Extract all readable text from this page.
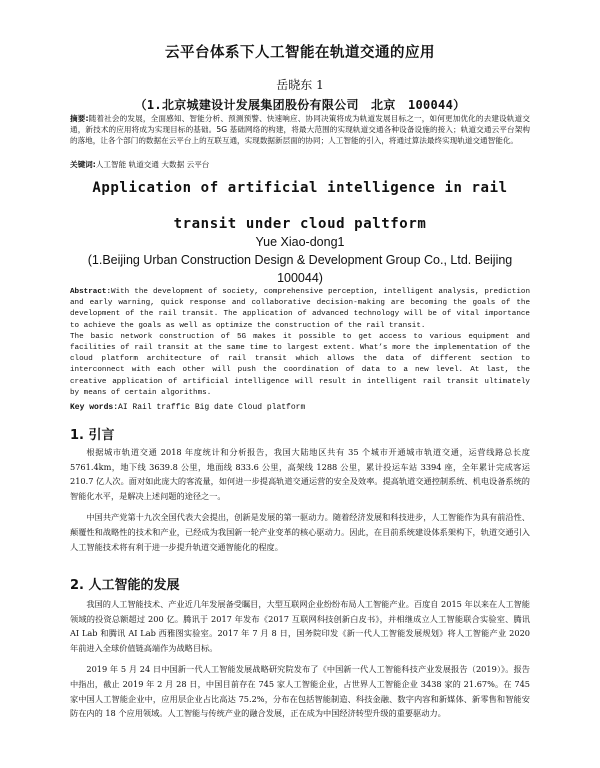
云平台体系下人工智能在轨道交通的应用
岳晓东 1
（1.北京城建设计发展集团股份有限公司　北京　100044）
摘要:随着社会的发展，全面感知、智能分析、预测预警、快速响应、协同决策将成为轨道发展目标之一，如何更加优化的去建设轨道交通，新技术的应用将成为实现目标的基础。5G 基础网络的构建，将最大范围的实现轨道交通各种设备设施的接入；轨道交通云平台架构的落地，让各个部门的数据在云平台上的互联互通，实现数据新层面的协同；人工智能的引入，将通过算法最终实现轨道交通智能化。
关键词:人工智能 轨道交通 大数据 云平台
Application of artificial intelligence in rail transit under cloud paltform
Yue Xiao-dong1
(1.Beijing Urban Construction Design & Development Group Co., Ltd. Beijing 100044)

Abstract:With the development of society, comprehensive perception, intelligent analysis, prediction and early warning, quick response and collaborative decision-making are becoming the goals of the development of the rail transit. The application of advanced technology will be of vital importance to achieve the goals as well as optimize the construction of the rail transit.

The basic network construction of 5G makes it possible to get access to various equipment and facilities of rail transit at the same time to largest extent. What’s more the implementation of the cloud platform architecture of rail transit which allows the data of different section to interconnect with each other will push the coordination of data to a new level. At last, the creative application of artificial intelligence will result in intelligent rail transit ultimately by means of certain algorithms.

Key words:AI Rail traffic Big date Cloud platform
1. 引言

根据城市轨道交通 2018 年度统计和分析报告，我国大陆地区共有 35 个城市开通城市轨道交通，运营线路总长度 5761.4km，地下线 3639.8 公里，地面线 833.6 公里，高架线 1288 公里，累计投运车站 3394 座，全年累计完成客运 210.7 亿人次。面对如此庞大的客流量，如何进一步提高轨道交通运营的安全及效率。提高轨道交通控制系统、机电设备系统的智能化水平，是解决上述问题的途径之一。

中国共产党第十九次全国代表大会提出，创新是发展的第一驱动力。随着经济发展和科技进步，人工智能作为具有前沿性、颠覆性和战略性的技术和产业，已经成为我国新一轮产业变革的核心驱动力。因此，在目前系统建设体系架构下，轨道交通引入人工智能技术将有利于进一步提升轨道交通智能化的程度。

2. 人工智能的发展

我国的人工智能技术、产业近几年发展备受瞩目，大型互联网企业纷纷布局人工智能产业。百度自 2015 年以来在人工智能领域的投资总额超过 200 亿。腾讯于 2017 年发布《2017 互联网科技创新白皮书》，并相继成立人工智能联合实验室、腾讯 AI Lab 和腾讯 AI Lab 西雅图实验室。2017 年 7 月 8 日，国务院印发《新一代人工智能发展规划》将人工智能产业 2020 年前进入全球价值链高端作为战略目标。

2019 年 5 月 24 日中国新一代人工智能发展战略研究院发布了《中国新一代人工智能科技产业发展报告（2019）》。报告中指出，截止 2019 年 2 月 28 日，中国目前存在 745 家人工智能企业，占世界人工智能企业 3438 家的 21.67%。在 745 家中国人工智能企业中，应用层企业占比高达 75.2%，分布在包括智能制造、科技金融、数字内容和新媒体、新零售和智能安防在内的 18 个应用领域。人工智能与传统产业的融合发展，正在成为中国经济转型升级的重要驱动力。
